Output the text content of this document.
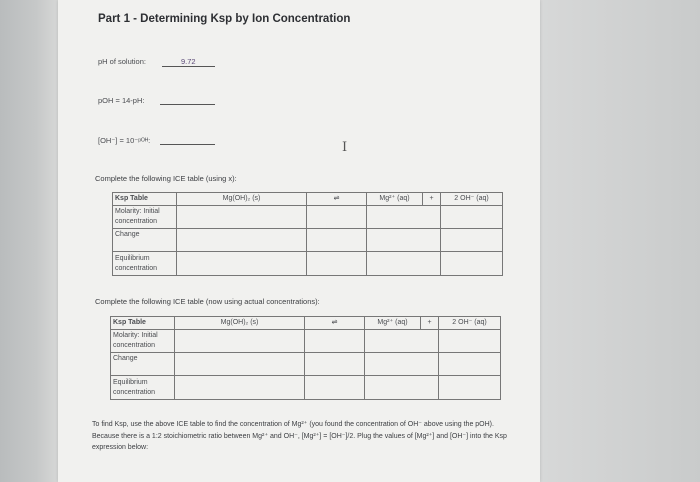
Part 1 - Determining Ksp by Ion Concentration
pH of solution:	9.72
pOH = 14-pH:
[OH⁻] = 10⁻ᵖᴼᴴ:	I
Complete the following ICE table (using x):
Ksp Table	Mg(OH)₂ (s)	⇌	Mg²⁺ (aq)	+	2 OH⁻ (aq)
Molarity: Initial concentration					
Change					
Equilibrium concentration					
Complete the following ICE table (now using actual concentrations):
Ksp Table	Mg(OH)₂ (s)	⇌	Mg²⁺ (aq)	+	2 OH⁻ (aq)
Molarity: Initial concentration					
Change					
Equilibrium concentration					
To find Ksp, use the above ICE table to find the concentration of Mg²⁺ (you found the concentration of OH⁻ above using the pOH). Because there is a 1:2 stoichiometric ratio between Mg²⁺ and OH⁻, [Mg²⁺] = [OH⁻]/2. Plug the values of [Mg²⁺] and [OH⁻] into the Ksp expression below:
